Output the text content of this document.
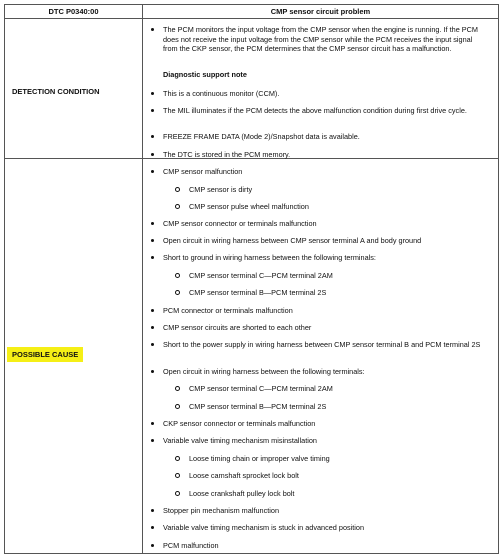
DTC P0340:00	CMP sensor circuit problem
DETECTION CONDITION
POSSIBLE CAUSE
The PCM monitors the input voltage from the CMP sensor when the engine is running. If the PCM does not receive the input voltage from the CMP sensor while the PCM receives the input signal from the CKP sensor, the PCM determines that the CMP sensor circuit has a malfunction.
Diagnostic support note
This is a continuous monitor (CCM).
The MIL illuminates if the PCM detects the above malfunction condition during first drive cycle.
FREEZE FRAME DATA (Mode 2)/Snapshot data is available.
The DTC is stored in the PCM memory.
CMP sensor malfunction
CMP sensor is dirty
CMP sensor pulse wheel malfunction
CMP sensor connector or terminals malfunction
Open circuit in wiring harness between CMP sensor terminal A and body ground
Short to ground in wiring harness between the following terminals:
CMP sensor terminal C—PCM terminal 2AM
CMP sensor terminal B—PCM terminal 2S
PCM connector or terminals malfunction
CMP sensor circuits are shorted to each other
Short to the power supply in wiring harness between CMP sensor terminal B and PCM terminal 2S
Open circuit in wiring harness between the following terminals:
CMP sensor terminal C—PCM terminal 2AM
CMP sensor terminal B—PCM terminal 2S
CKP sensor connector or terminals malfunction
Variable valve timing mechanism misinstallation
Loose timing chain or improper valve timing
Loose camshaft sprocket lock bolt
Loose crankshaft pulley lock bolt
Stopper pin mechanism malfunction
Variable valve timing mechanism is stuck in advanced position
PCM malfunction
